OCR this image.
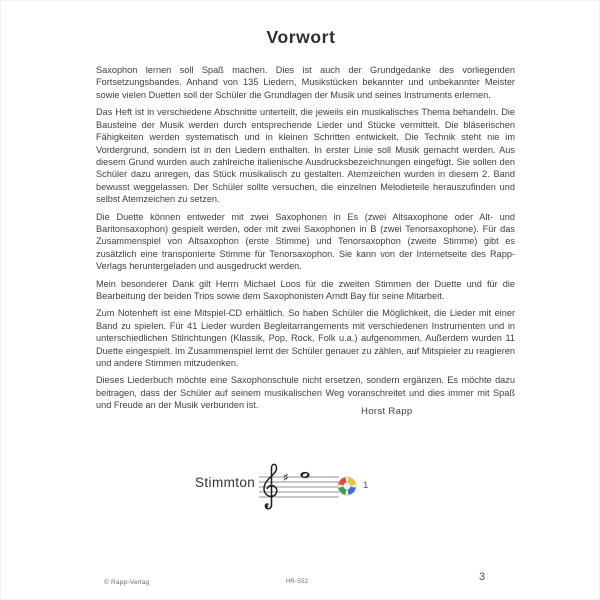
Vorwort

Saxophon lernen soll Spaß machen. Dies ist auch der Grundgedanke des vorliegenden Fortsetzungsbandes. Anhand von 135 Liedern, Musikstücken bekannter und unbekannter Meister sowie vielen Duetten soll der Schüler die Grundlagen der Musik und seines Instruments erlernen.

Das Heft ist in verschiedene Abschnitte unterteilt, die jeweils ein musikalisches Thema behandeln. Die Bausteine der Musik werden durch entsprechende Lieder und Stücke vermittelt. Die bläserischen Fähigkeiten werden systematisch und in kleinen Schritten entwickelt. Die Technik steht nie im Vordergrund, sondern ist in den Liedern enthalten. In erster Linie soll Musik gemacht werden. Aus diesem Grund wurden auch zahlreiche italienische Ausdrucksbezeichnungen eingefügt. Sie sollen den Schüler dazu anregen, das Stück musikalisch zu gestalten. Atemzeichen wurden in diesem 2. Band bewusst weggelassen. Der Schüler sollte versuchen, die einzelnen Melodieteile herauszufinden und selbst Atemzeichen zu setzen.

Die Duette können entweder mit zwei Saxophonen in Es (zwei Altsaxophone oder Alt- und Baritonsaxophon) gespielt werden, oder mit zwei Saxophonen in B (zwei Tenorsaxophone). Für das Zusammenspiel von Altsaxophon (erste Stimme) und Tenorsaxophon (zweite Stimme) gibt es zusätzlich eine transponierte Stimme für Tenorsaxophon. Sie kann von der Internetseite des Rapp-Verlags heruntergeladen und ausgedruckt werden.

Mein besonderer Dank gilt Herrn Michael Loos für die zweiten Stimmen der Duette und für die Bearbeitung der beiden Trios sowie dem Saxophonisten Arndt Bay für seine Mitarbeit.

Zum Notenheft ist eine Mitspiel-CD erhältlich. So haben Schüler die Möglichkeit, die Lieder mit einer Band zu spielen. Für 41 Lieder wurden Begleitarrangements mit verschiedenen Instrumenten und in unterschiedlichen Stilrichtungen (Klassik, Pop, Rock, Folk u.a.) aufgenommen. Außerdem wurden 11 Duette eingespielt. Im Zusammenspiel lernt der Schüler genauer zu zählen, auf Mitspieler zu reagieren und andere Stimmen mitzudenken.

Dieses Liederbuch möchte eine Saxophonschule nicht ersetzen, sondern ergänzen. Es möchte dazu beitragen, dass der Schüler auf seinem musikalischen Weg voranschreitet und dies immer mit Spaß und Freude an der Musik verbunden ist.

Horst Rapp
Stimmton ♯
1
HR-S52
© Rapp-Verlag	3
